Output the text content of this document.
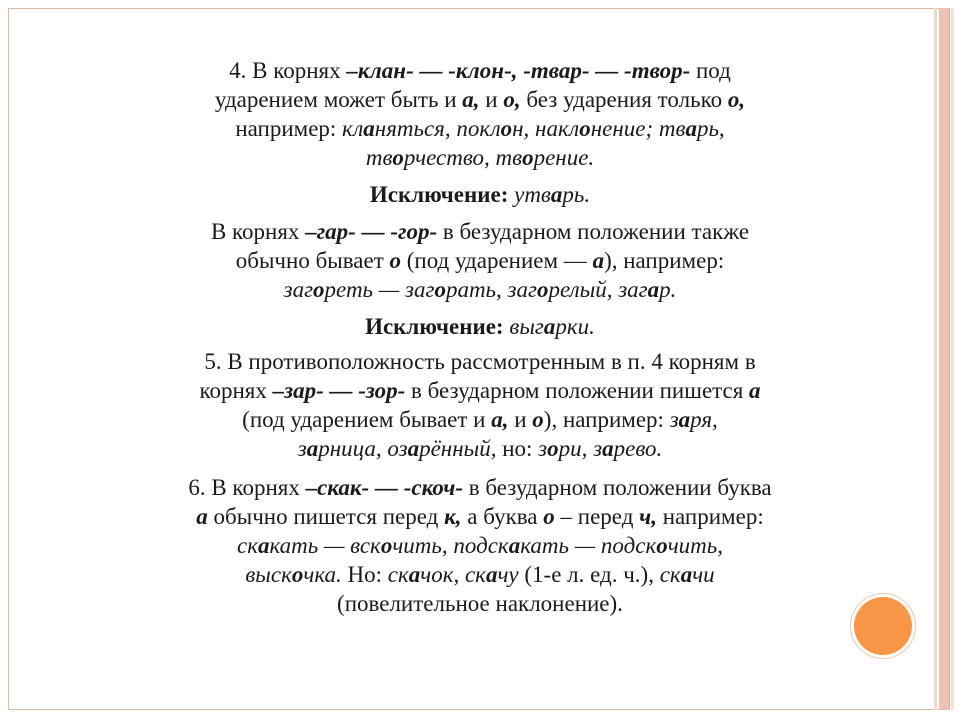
4. В корнях –клан- — -клон-, -твар- — -твор- под
ударением может быть и а, и о, без ударения только о,
например: кланяться, поклон, наклонение; тварь,
творчество, творение.

Исключение: утварь.

В корнях –гар- — -гор- в безударном положении также
обычно бывает о (под ударением — а), например:
загореть — загорать, загорелый, загар.

Исключение: выгарки.

5. В противоположность рассмотренным в п. 4 корням в
корнях –зар- — -зор- в безударном положении пишется а
(под ударением бывает и а, и о), например: заря,
зарница, озарённый, но: зори, зарево.

6. В корнях –скак- — -скоч- в безударном положении буква
а обычно пишется перед к, а буква о – перед ч, например:
скакать — вскочить, подскакать — подскочить,
выскочка. Но: скачок, скачу (1-е л. ед. ч.), скачи
(повелительное наклонение).
